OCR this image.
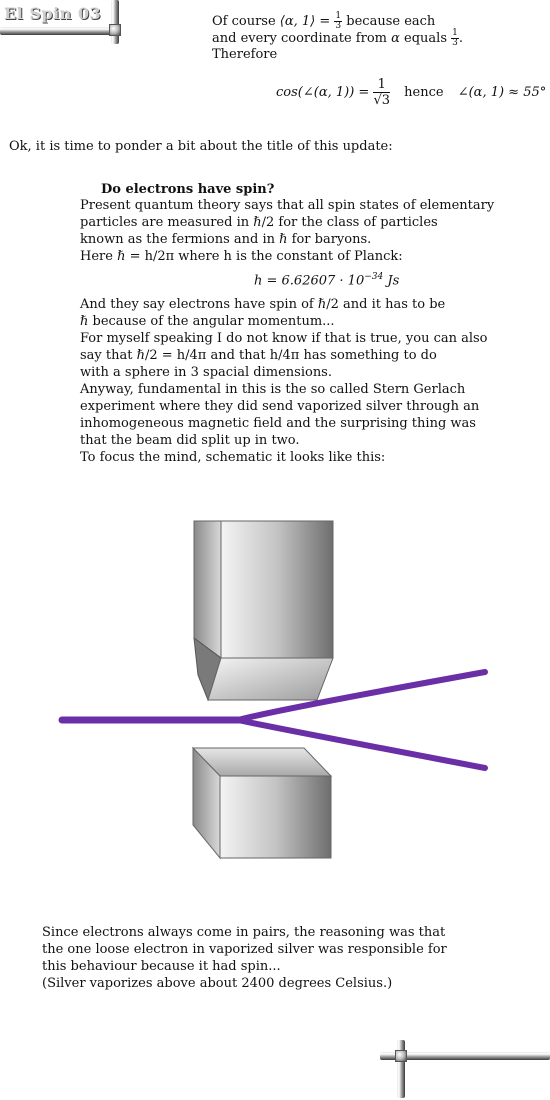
El Spin 03	Of course ⟨α, 1⟩ = $\frac{1}{3}$ because each
and every coordinate from α equals $\frac{1}{3}$ .
Therefore
cos(∠(α, $1)) = \frac{1}{√3}$ hence ∠(α, 1) ≈ 55°
Ok, it is time to ponder a bit about the title of this update:
Do electrons have spin?
Present quantum theory says that all spin states of elementary
particles are measured in ℏ/2 for the class of particles
known as the fermions and in ℏ for baryons.
Here ℏ = h/2π where h is the constant of Planck:
$h = 6.62607 \cdot 10^{-34}$ Js
And they say electrons have spin of ℏ/2 and it has to be
ℏ because of the angular momentum...
For myself speaking I do not know if that is true, you can also
say that ℏ/2 = h/4π and that h/4π has something to do
with a sphere in 3 spacial dimensions.
Anyway, fundamental in this is the so called Stern Gerlach
experiment where they did send vaporized silver through an
inhomogeneous magnetic field and the surprising thing was
that the beam did split up in two.
To focus the mind, schematic it looks like this:
Since electrons always come in pairs, the reasoning was that
the one loose electron in vaporized silver was responsible for
this behaviour because it had spin...
(Silver vaporizes above about 2400 degrees Celsius.)
